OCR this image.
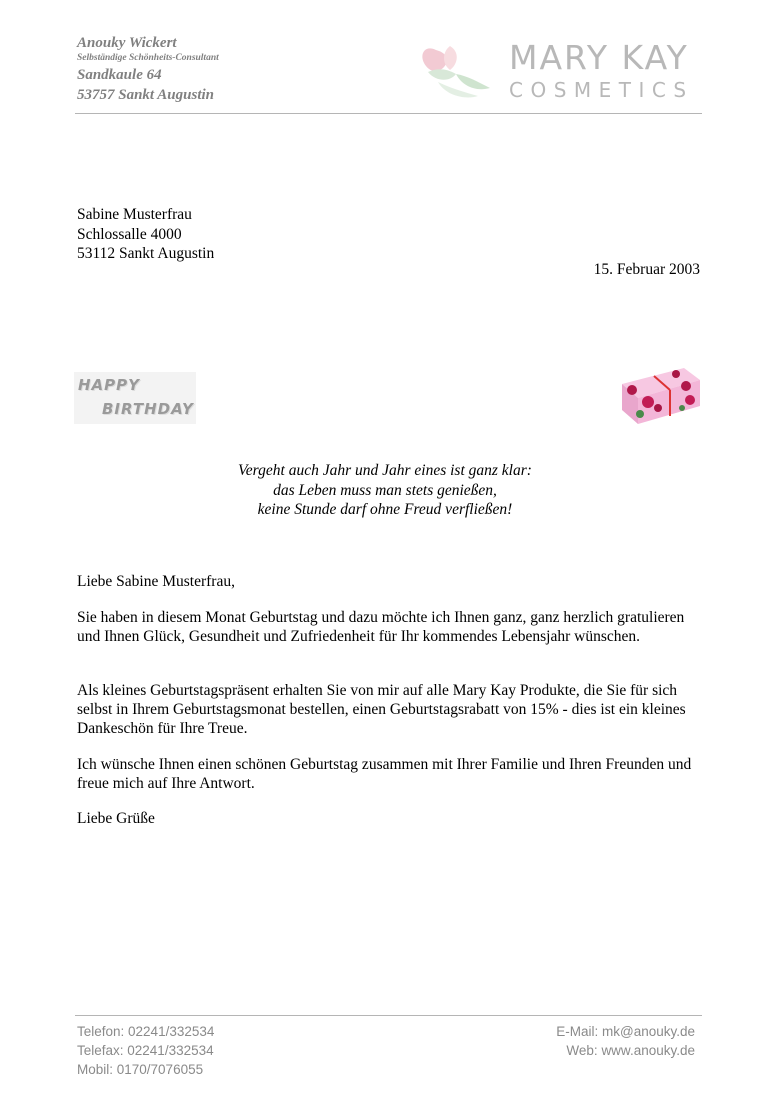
Anouky Wickert
Selbständige Schönheits-Consultant
Sandkaule 64
53757 Sankt Augustin
MARY KAY
COSMETICS
Sabine Musterfrau
Schlossalle 4000
53112 Sankt Augustin
15. Februar 2003
HAPPY
BIRTHDAY
Vergeht auch Jahr und Jahr eines ist ganz klar:
das Leben muss man stets genießen,
keine Stunde darf ohne Freud verfließen!
Liebe Sabine Musterfrau,
Sie haben in diesem Monat Geburtstag und dazu möchte ich Ihnen ganz, ganz herzlich gratulieren und Ihnen Glück, Gesundheit und Zufriedenheit für Ihr kommendes Lebensjahr wünschen.
Als kleines Geburtstagspräsent erhalten Sie von mir auf alle Mary Kay Produkte, die Sie für sich selbst in Ihrem Geburtstagsmonat bestellen, einen Geburtstagsrabatt von 15% - dies ist ein kleines Dankeschön für Ihre Treue.
Ich wünsche Ihnen einen schönen Geburtstag zusammen mit Ihrer Familie und Ihren Freunden und freue mich auf Ihre Antwort.
Liebe Grüße
Telefon: 02241/332534
Telefax: 02241/332534
Mobil: 0170/7076055
E-Mail: mk@anouky.de
Web: www.anouky.de
